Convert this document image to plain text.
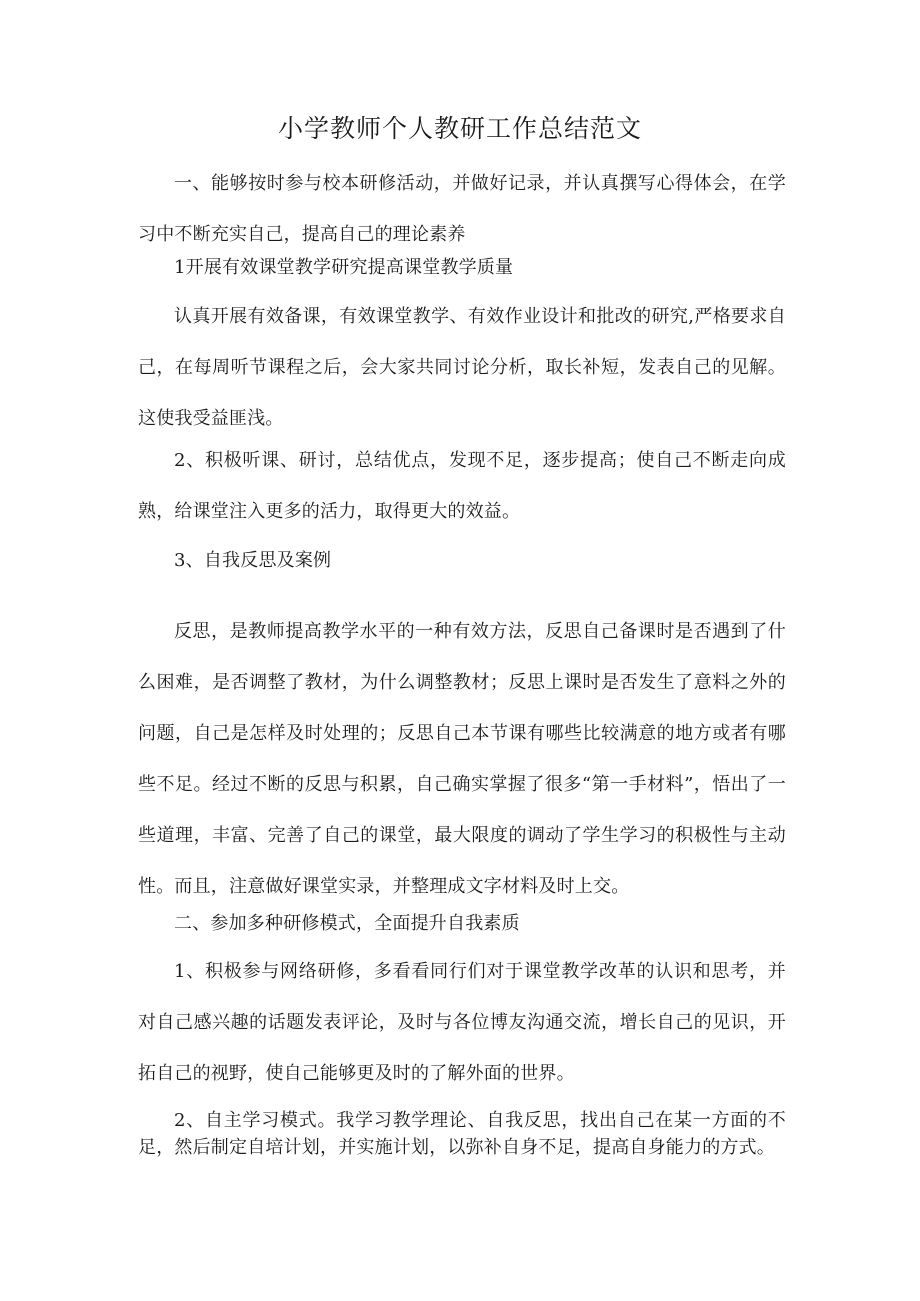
小学教师个人教研工作总结范文

一、能够按时参与校本研修活动，并做好记录，并认真撰写心得体会，在学习中不断充实自己，提高自己的理论素养

1开展有效课堂教学研究提高课堂教学质量

认真开展有效备课，有效课堂教学、有效作业设计和批改的研究,严格要求自己，在每周听节课程之后，会大家共同讨论分析，取长补短，发表自己的见解。这使我受益匪浅。

2、积极听课、研讨，总结优点，发现不足，逐步提高；使自己不断走向成熟，给课堂注入更多的活力，取得更大的效益。

3、自我反思及案例

反思，是教师提高教学水平的一种有效方法，反思自己备课时是否遇到了什么困难，是否调整了教材，为什么调整教材；反思上课时是否发生了意料之外的问题，自己是怎样及时处理的；反思自己本节课有哪些比较满意的地方或者有哪些不足。经过不断的反思与积累，自己确实掌握了很多“第一手材料”，悟出了一些道理，丰富、完善了自己的课堂，最大限度的调动了学生学习的积极性与主动性。而且，注意做好课堂实录，并整理成文字材料及时上交。

二、参加多种研修模式，全面提升自我素质

1、积极参与网络研修，多看看同行们对于课堂教学改革的认识和思考，并对自己感兴趣的话题发表评论，及时与各位博友沟通交流，增长自己的见识，开拓自己的视野，使自己能够更及时的了解外面的世界。

2、自主学习模式。我学习教学理论、自我反思，找出自己在某一方面的不足，然后制定自培计划，并实施计划，以弥补自身不足，提高自身能力的方式。
